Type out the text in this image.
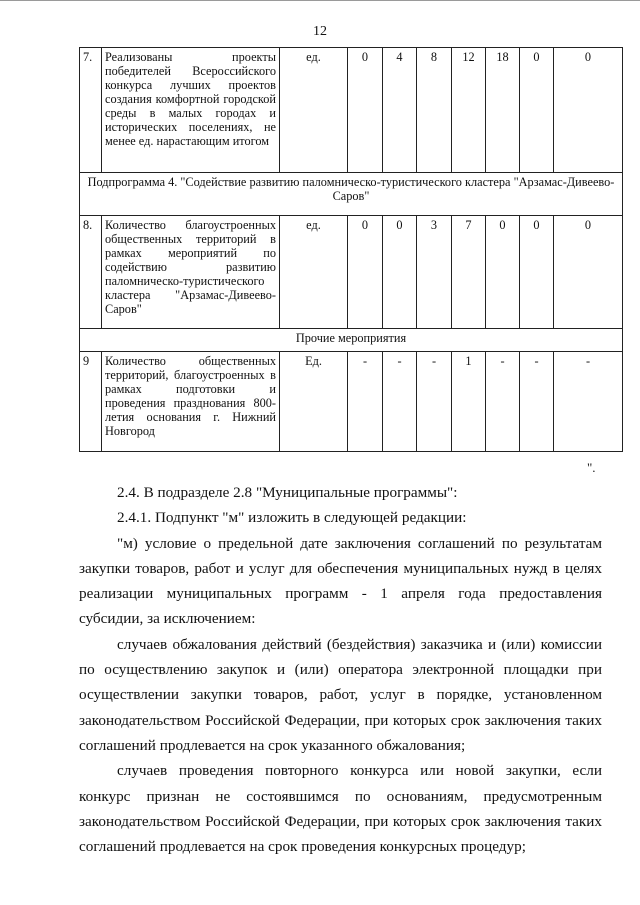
12
7.	Реализованы проекты победителей Всероссийского конкурса лучших проектов создания комфортной городской среды в малых городах и исторических поселениях, не менее ед. нарастающим итогом	ед.	0	4	8	12	18	0	0
Подпрограмма 4. "Содействие развитию паломническо-туристического кластера "Арзамас-Дивеево-Саров"									
8.	Количество благоустроенных общественных территорий в рамках мероприятий по содействию развитию паломническо-туристического кластера "Арзамас-Дивеево-Саров"	ед.	0	0	3	7	0	0	0
Прочие мероприятия									
9	Количество общественных территорий, благоустроенных в рамках подготовки и проведения празднования 800-летия основания г. Нижний Новгород	Ед.	-	-	-	1	-	-	-
".

2.4. В подразделе 2.8 "Муниципальные программы":

2.4.1. Подпункт "м" изложить в следующей редакции:

"м) условие о предельной дате заключения соглашений по результатам закупки товаров, работ и услуг для обеспечения муниципальных нужд в целях реализации муниципальных программ - 1 апреля года предоставления субсидии, за исключением:

случаев обжалования действий (бездействия) заказчика и (или) комиссии по осуществлению закупок и (или) оператора электронной площадки при осуществлении закупки товаров, работ, услуг в порядке, установленном законодательством Российской Федерации, при которых срок заключения таких соглашений продлевается на срок указанного обжалования;

случаев проведения повторного конкурса или новой закупки, если конкурс признан не состоявшимся по основаниям, предусмотренным законодательством Российской Федерации, при которых срок заключения таких соглашений продлевается на срок проведения конкурсных процедур;
